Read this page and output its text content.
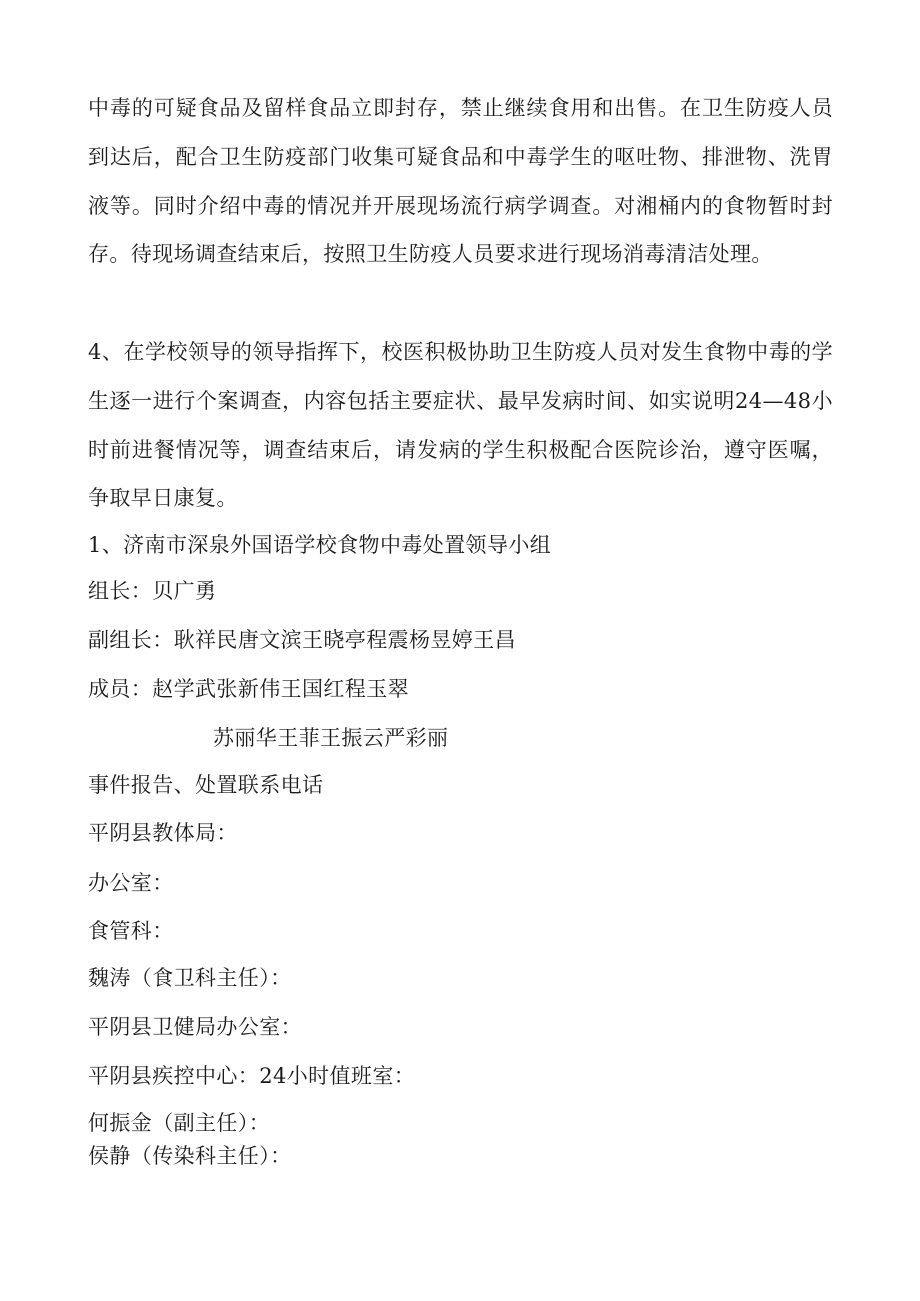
中毒的可疑食品及留样食品立即封存，禁止继续食用和出售。在卫生防疫人员到达后，配合卫生防疫部门收集可疑食品和中毒学生的呕吐物、排泄物、洗胃液等。同时介绍中毒的情况并开展现场流行病学调查。对湘桶内的食物暂时封存。待现场调查结束后，按照卫生防疫人员要求进行现场消毒清洁处理。

4、在学校领导的领导指挥下，校医积极协助卫生防疫人员对发生食物中毒的学生逐一进行个案调查，内容包括主要症状、最早发病时间、如实说明24—48小时前进餐情况等，调查结束后，请发病的学生积极配合医院诊治，遵守医嘱，争取早日康复。

1、济南市深泉外国语学校食物中毒处置领导小组

组长：贝广勇

副组长：耿祥民唐文滨王晓亭程震杨昱婷王昌

成员：赵学武张新伟王国红程玉翠

苏丽华王菲王振云严彩丽

事件报告、处置联系电话

平阴县教体局：

办公室：

食管科：

魏涛（食卫科主任）：

平阴县卫健局办公室：

平阴县疾控中心：24小时值班室：

何振金（副主任）：

侯静（传染科主任）：
